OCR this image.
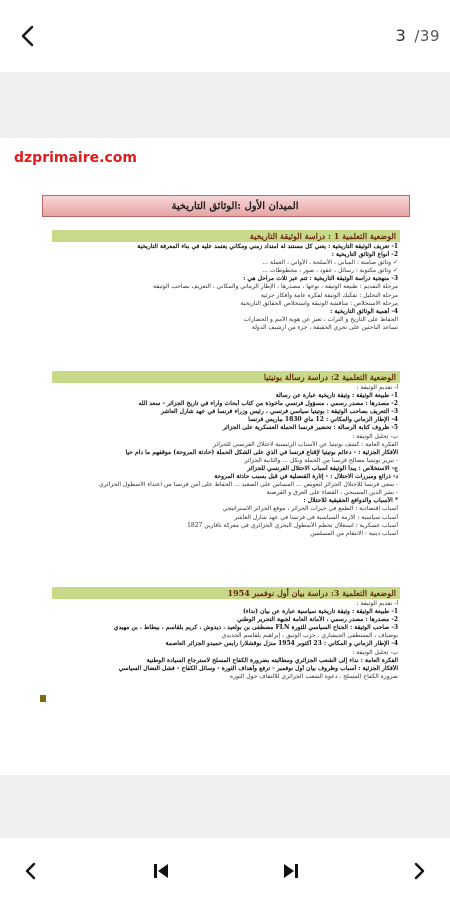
3 /39
dzprimaire.com
الميدان الأول :
الوثائق التاريخية
الوضعية التعلمية 1 : دراسة الوثيقة التاريخية
1- تعريف الوثيقة التاريخية : يعني كل مستند له امتداد زمني ومكاني يعتمد عليه في بناء المعرفة التاريخية
2- أنواع الوثائق التاريخية :
✓ وثائق صامتة : المباني ، الأسلحة ، الأواني ، العملة ...
✓ وثائق مكتوبة : رسائل ، عقود ، صور ، مخطوطات ...
3- منهجية دراسة الوثيقة التاريخية : تتم عبر ثلاث مراحل هي :
مرحلة التقديم : طبيعة الوثيقة ، نوعها ، مصدرها ، الإطار الزماني والمكاني ، التعريف بصاحب الوثيقة
مرحلة التحليل : تفكيك الوثيقة لفكرة عامة وأفكار جزئية
مرحلة الاستخلاص : مناقشة الوثيقة واستخلاص الحقائق التاريخية
4- أهمية الوثائق التاريخية :
الحفاظ على التاريخ و التراث ، تعبر عن هوية الأمم و الحضارات
تساعد الباحثين على تحري الحقيقة ، جزء من أرشيف الدولة
الوضعية التعلمية 2: دراسة رسالة بوتيتيا
أ- تقديم الوثيقة :
1- طبيعة الوثيقة : وثيقة تاريخية عبارة عن رسالة
2- مصدرها : مصدر رسمي ، مسؤول فرنسي مأخوذة من كتاب أبحاث وآراء في تاريخ الجزائر - سعد الله
3- التعريف بصاحب الوثيقة : بوتيتيا سياسي فرنسي ، رئيس وزراء فرنسا في عهد شارل العاشر
4- الإطار الزماني والمكاني : 12 ماي 1830 بباريس فرنسا
5- ظروف كتابة الرسالة : تحضير فرنسا الحملة العسكرية على الجزائر
ب- تحليل الوثيقة :
الفكرة العامة : كشف بوتيتيا عن الأسباب الرئيسية لاحتلال الفرنسي للجزائر
الأفكار الجزئية : - دعائم بوتيتيا لإقناع فرنسا في الذي على الشكل الحملة (حادثة المروحة) موقفهم ما دام حيا
- تبرير بوتيتيا مصالح فرنسا من الحملة وبكل ... والثانية الجزائر
ج- الاستخلاص : يبدأ الوثيقة أسباب الاحتلال الفرنسي للجزائر
د- ذرائع ومبررات الاحتلال : - إثارة القنصلية في قبل بسبب حادثة المروحة
- سعي فرنسا للاحتلال الجزائر لتعويض ... المساس على الصعيد ... الحفاظ على أمن فرنسا من اعتداء الأسطول الجزائري
- نشر الدين المسيحي ، القضاء على العرق و القرصنة
* الأسباب والدوافع الحقيقية للاحتلال :
أسباب اقتصادية : الطمع في خيرات الجزائر ، موقع الجزائر الاستراتيجي
أسباب سياسية : الأزمة السياسية في فرنسا في عهد شارل العاشر
أسباب عسكرية : استغلال تحطم الأسطول البحري الجزائري في معركة نافارين 1827
أسباب دينية : الانتقام من المسلمين
الوضعية التعلمية 3: دراسة بيان أول نوفمبر 1954
أ- تقديم الوثيقة :
1- طبيعة الوثيقة : وثيقة تاريخية سياسية عبارة عن بيان (نداء)
2- مصدرها : مصدر رسمي ، الأمانة العامة لجبهة التحرير الوطني
3- صاحب الوثيقة : الجناح السياسي للثورة FLN مصطفى بن بولعيد ، ديدوش ، كريم بلقاسم ، بيطاط ، بن مهيدي
بوضياف ، المسطفى الجيشاري ، حزب الوثيق ، إبراهيم بلقاسم الجديدي
4- الإطار الزماني و المكاني : 23 أكتوبر 1954 منزل بوقشلارا رايس حميدو الجزائر العاصمة
ب- تحليل الوثيقة :
الفكرة العامة : نداء إلى الشعب الجزائري ومطالبته بضرورة الكفاح المسلح لاسترجاع السيادة الوطنية
الأفكار الجزئية : أسباب وظروف بيان أول نوفمبر - ترفع وأهداف الثورة - وسائل الكفاح - فشل النضال السياسي
ضرورة الكفاح المسلح ، دعوة الشعب الجزائري للالتفاف حول الثورة
